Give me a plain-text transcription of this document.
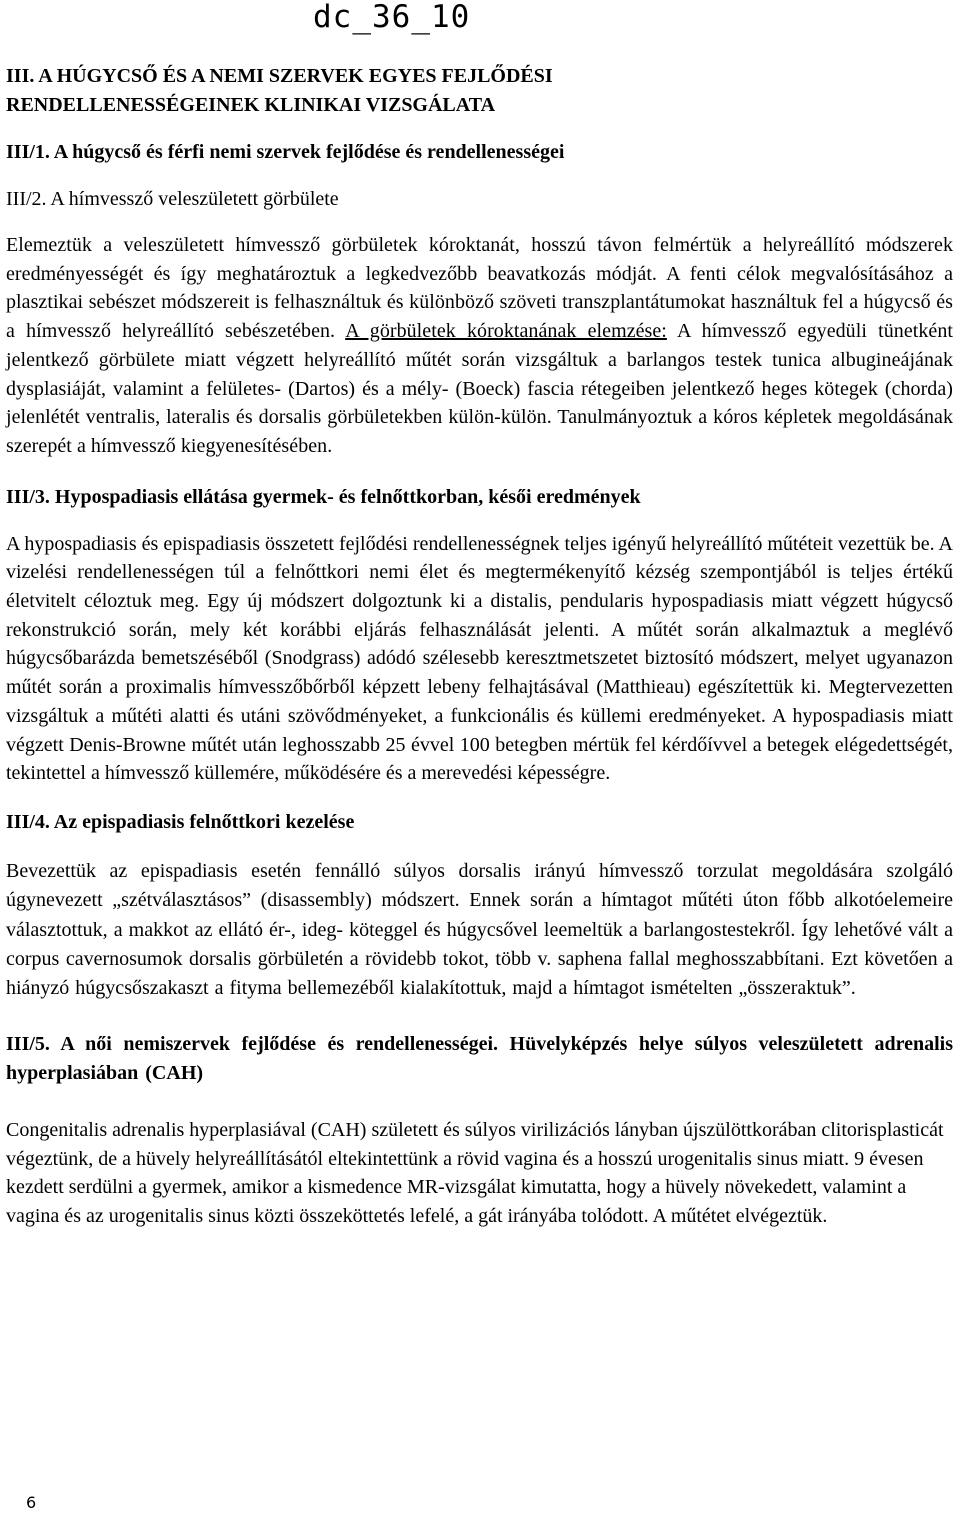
dc_36_10
III. A HÚGYCSŐ ÉS A NEMI SZERVEK EGYES FEJLŐDÉSI RENDELLENESSÉGEINEK KLINIKAI VIZSGÁLATA
III/1. A húgycső és férfi nemi szervek fejlődése és rendellenességei
III/2. A hímvessző veleszületett görbülete

Elemeztük a veleszületett hímvessző görbületek kóroktanát, hosszú távon felmértük a helyreállító módszerek eredményességét és így meghatároztuk a legkedvezőbb beavatkozás módját. A fenti célok megvalósításához a plasztikai sebészet módszereit is felhasználtuk és különböző szöveti transzplantátumokat használtuk fel a húgycső és a hímvessző helyreállító sebészetében. A görbületek kóroktanának elemzése: A hímvessző egyedüli tünetként jelentkező görbülete miatt végzett helyreállító műtét során vizsgáltuk a barlangos testek tunica albugineájának dysplasiáját, valamint a felületes- (Dartos) és a mély- (Boeck) fascia rétegeiben jelentkező heges kötegek (chorda) jelenlétét ventralis, lateralis és dorsalis görbületekben külön-külön. Tanulmányoztuk a kóros képletek megoldásának szerepét a hímvessző kiegyenesítésében.

III/3. Hypospadiasis ellátása gyermek- és felnőttkorban, késői eredmények

A hypospadiasis és epispadiasis összetett fejlődési rendellenességnek teljes igényű helyreállító műtéteit vezettük be. A vizelési rendellenességen túl a felnőttkori nemi élet és megtermékenyítő kézség szempontjából is teljes értékű életvitelt céloztuk meg. Egy új módszert dolgoztunk ki a distalis, pendularis hypospadiasis miatt végzett húgycső rekonstrukció során, mely két korábbi eljárás felhasználását jelenti. A műtét során alkalmaztuk a meglévő húgycsőbarázda bemetszéséből (Snodgrass) adódó szélesebb keresztmetszetet biztosító módszert, melyet ugyanazon műtét során a proximalis hímvesszőbőrből képzett lebeny felhajtásával (Matthieau) egészítettük ki. Megtervezetten vizsgáltuk a műtéti alatti és utáni szövődményeket, a funkcionális és küllemi eredményeket. A hypospadiasis miatt végzett Denis-Browne műtét után leghosszabb 25 évvel 100 betegben mértük fel kérdőívvel a betegek elégedettségét, tekintettel a hímvessző küllemére, működésére és a merevedési képességre.

III/4. Az epispadiasis felnőttkori kezelése

Bevezettük az epispadiasis esetén fennálló súlyos dorsalis irányú hímvessző torzulat megoldására szolgáló úgynevezett „szétválasztásos” (disassembly) módszert. Ennek során a hímtagot műtéti úton főbb alkotóelemeire választottuk, a makkot az ellátó ér-, ideg- köteggel és húgycsővel leemeltük a barlangostestekről. Így lehetővé vált a corpus cavernosumok dorsalis görbületén a rövidebb tokot, több v. saphena fallal meghosszabbítani. Ezt követően a hiányzó húgycsőszakaszt a fityma bellemezéből kialakítottuk, majd a hímtagot ismételten „összeraktuk”.

III/5. A női nemiszervek fejlődése és rendellenességei. Hüvelyképzés helye súlyos veleszületett adrenalis hyperplasiában (CAH)

Congenitalis adrenalis hyperplasiával (CAH) született és súlyos virilizációs lányban újszülöttkorában clitorisplasticát végeztünk, de a hüvely helyreállításától eltekintettünk a rövid vagina és a hosszú urogenitalis sinus miatt. 9 évesen kezdett serdülni a gyermek, amikor a kismedence MR-vizsgálat kimutatta, hogy a hüvely növekedett, valamint a vagina és az urogenitalis sinus közti összeköttetés lefelé, a gát irányába tolódott. A műtétet elvégeztük.

6
